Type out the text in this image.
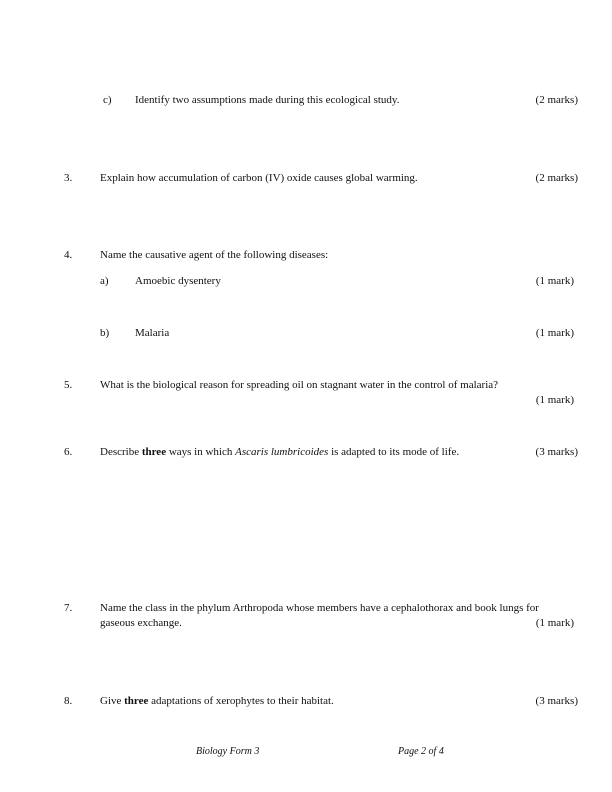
c) Identify two assumptions made during this ecological study.	(2 marks)
3.	Explain how accumulation of carbon (IV) oxide causes global warming.	(2 marks)
4.	Name the causative agent of the following diseases:
a) Amoebic dysentery	(1 mark)
b) Malaria	(1 mark)
5.	What is the biological reason for spreading oil on stagnant water in the control of malaria?
(1 mark)
6.	Describe three ways in which Ascaris lumbricoides is adapted to its mode of life.	(3 marks)
7.	Name the class in the phylum Arthropoda whose members have a cephalothorax and book lungs for
gaseous exchange.	(1 mark)
8.	Give three adaptations of xerophytes to their habitat.	(3 marks)
Biology Form 3	Page 2 of 4
